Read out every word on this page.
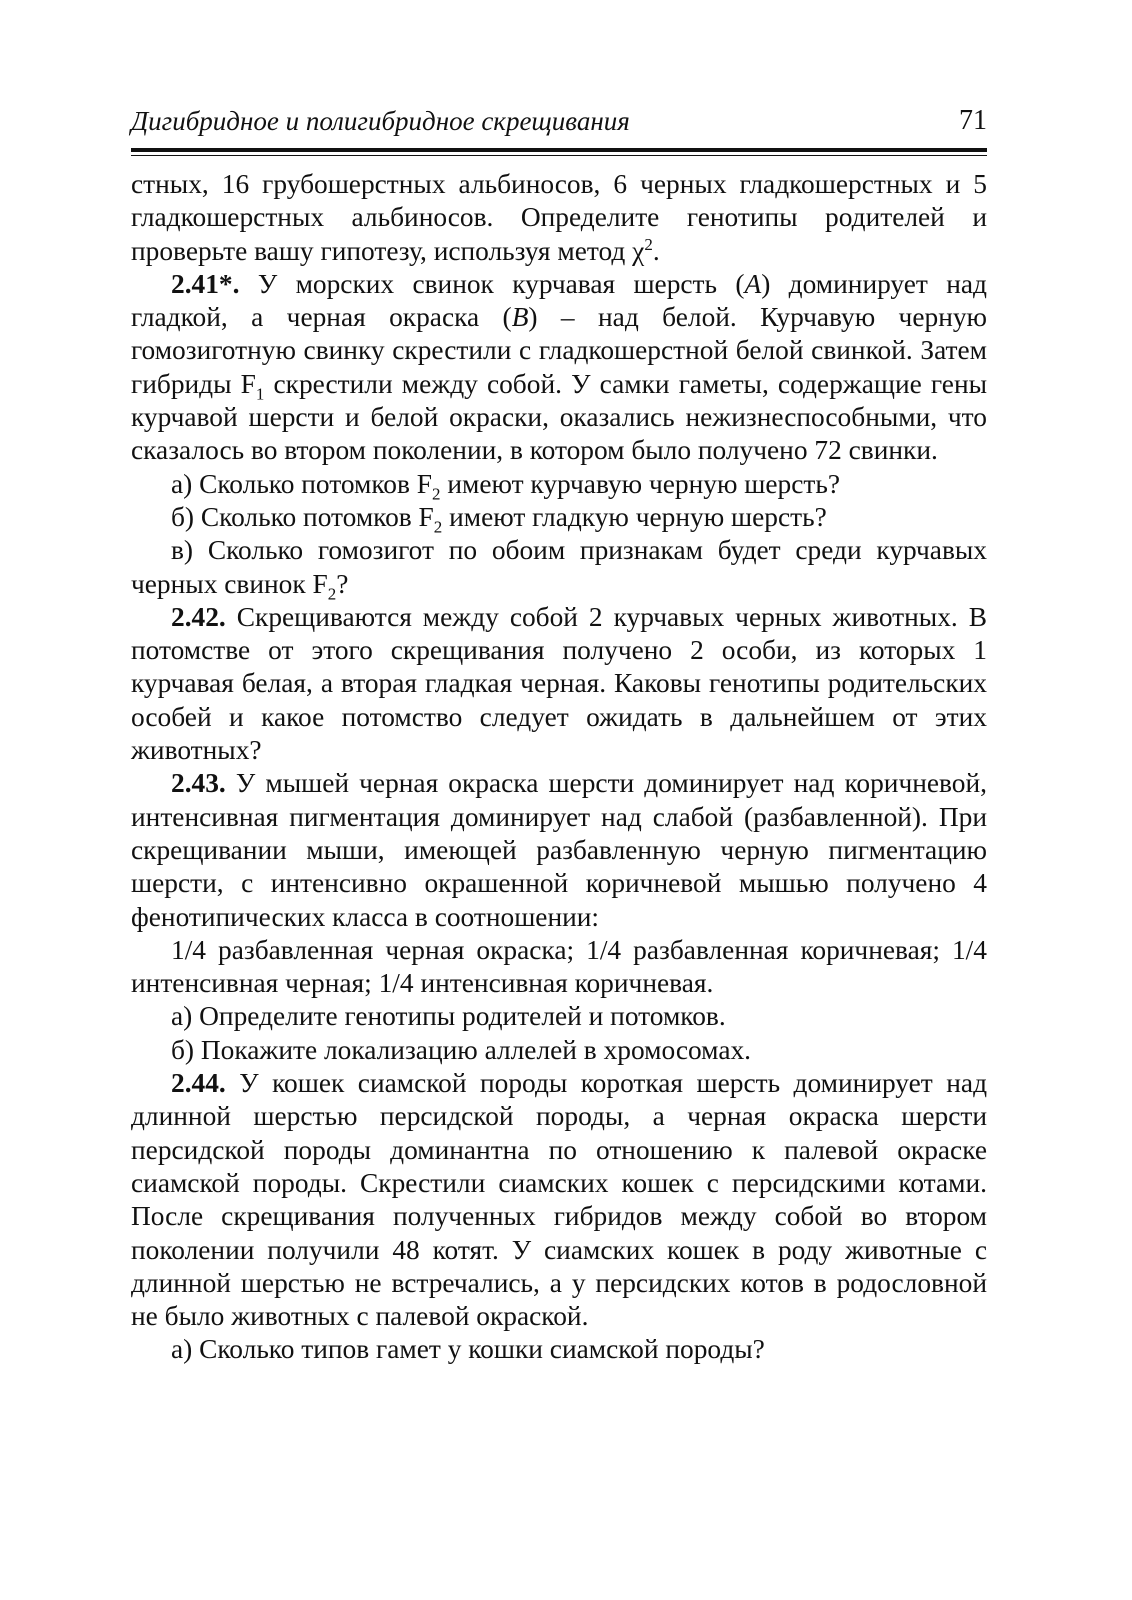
Дигибридное и полигибридное скрещивания	71

стных, 16 грубошерстных альбиносов, 6 черных гладкошерстных и 5 гладкошерстных альбиносов. Определите генотипы родителей и проверьте вашу гипотезу, используя метод $\chi^2$.

2.41*. У морских свинок курчавая шерсть (A) доминирует над гладкой, а черная окраска (B) – над белой. Курчавую черную гомозиготную свинку скрестили с гладкошерстной белой свинкой. Затем гибриды $F_1$ скрестили между собой. У самки гаметы, содержащие гены курчавой шерсти и белой окраски, оказались нежизнеспособными, что сказалось во втором поколении, в котором было получено 72 свинки.

а) Сколько потомков $F_2$ имеют курчавую черную шерсть?

б) Сколько потомков $F_2$ имеют гладкую черную шерсть?

в) Сколько гомозигот по обоим признакам будет среди курчавых черных свинок $F_2$?

2.42. Скрещиваются между собой 2 курчавых черных животных. В потомстве от этого скрещивания получено 2 особи, из которых 1 курчавая белая, а вторая гладкая черная. Каковы генотипы родительских особей и какое потомство следует ожидать в дальнейшем от этих животных?

2.43. У мышей черная окраска шерсти доминирует над коричневой, интенсивная пигментация доминирует над слабой (разбавленной). При скрещивании мыши, имеющей разбавленную черную пигментацию шерсти, с интенсивно окрашенной коричневой мышью получено 4 фенотипических класса в соотношении:

1/4 разбавленная черная окраска; 1/4 разбавленная коричневая; 1/4 интенсивная черная; 1/4 интенсивная коричневая.

а) Определите генотипы родителей и потомков.

б) Покажите локализацию аллелей в хромосомах.

2.44. У кошек сиамской породы короткая шерсть доминирует над длинной шерстью персидской породы, а черная окраска шерсти персидской породы доминантна по отношению к палевой окраске сиамской породы. Скрестили сиамских кошек с персидскими котами. После скрещивания полученных гибридов между собой во втором поколении получили 48 котят. У сиамских кошек в роду животные с длинной шерстью не встречались, а у персидских котов в родословной не было животных с палевой окраской.

а) Сколько типов гамет у кошки сиамской породы?
